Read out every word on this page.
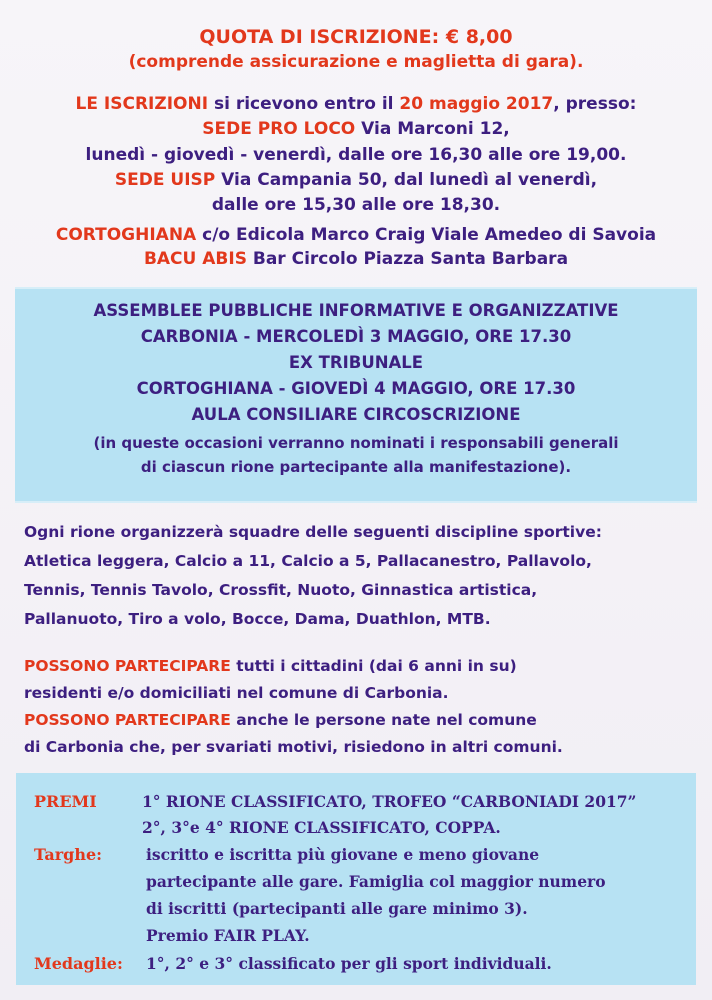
QUOTA DI ISCRIZIONE: € 8,00
(comprende assicurazione e maglietta di gara).
LE ISCRIZIONI si ricevono entro il 20 maggio 2017, presso:
SEDE PRO LOCO Via Marconi 12,
lunedì - giovedì - venerdì, dalle ore 16,30 alle ore 19,00.
SEDE UISP Via Campania 50, dal lunedì al venerdì,
dalle ore 15,30 alle ore 18,30.
CORTOGHIANA c/o Edicola Marco Craig Viale Amedeo di Savoia
BACU ABIS Bar Circolo Piazza Santa Barbara
ASSEMBLEE PUBBLICHE INFORMATIVE E ORGANIZZATIVE
CARBONIA - MERCOLEDÌ 3 MAGGIO, ORE 17.30
EX TRIBUNALE
CORTOGHIANA - GIOVEDÌ 4 MAGGIO, ORE 17.30
AULA CONSILIARE CIRCOSCRIZIONE
(in queste occasioni verranno nominati i responsabili generali
di ciascun rione partecipante alla manifestazione).
Ogni rione organizzerà squadre delle seguenti discipline sportive:
Atletica leggera, Calcio a 11, Calcio a 5, Pallacanestro, Pallavolo,
Tennis, Tennis Tavolo, Crossfit, Nuoto, Ginnastica artistica,
Pallanuoto, Tiro a volo, Bocce, Dama, Duathlon, MTB.
POSSONO PARTECIPARE tutti i cittadini (dai 6 anni in su)
residenti e/o domiciliati nel comune di Carbonia.
POSSONO PARTECIPARE anche le persone nate nel comune
di Carbonia che, per svariati motivi, risiedono in altri comuni.
PREMI	1° RIONE CLASSIFICATO, TROFEO “CARBONIADI 2017”
2°, 3°e 4° RIONE CLASSIFICATO, COPPA.
Targhe:	iscritto e iscritta più giovane e meno giovane
partecipante alle gare. Famiglia col maggior numero
di iscritti (partecipanti alle gare minimo 3).
Premio FAIR PLAY.
Medaglie: 1°, 2° e 3° classificato per gli sport individuali.
